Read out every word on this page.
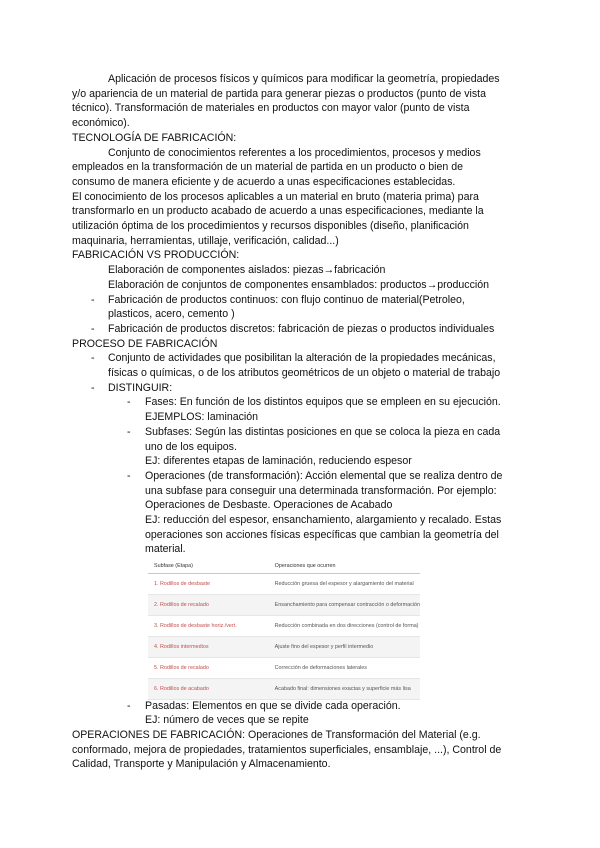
Aplicación de procesos físicos y químicos para modificar la geometría, propiedades

y/o apariencia de un material de partida para generar piezas o productos (punto de vista

técnico). Transformación de materiales en productos con mayor valor (punto de vista

económico).

TECNOLOGÍA DE FABRICACIÓN:

Conjunto de conocimientos referentes a los procedimientos, procesos y medios

empleados en la transformación de un material de partida en un producto o bien de

consumo de manera eficiente y de acuerdo a unas especificaciones establecidas.

El conocimiento de los procesos aplicables a un material en bruto (materia prima) para

transformarlo en un producto acabado de acuerdo a unas especificaciones, mediante la

utilización óptima de los procedimientos y recursos disponibles (diseño, planificación

maquinaria, herramientas, utillaje, verificación, calidad...)

FABRICACIÓN VS PRODUCCIÓN:

Elaboración de componentes aislados: piezas→fabricación

Elaboración de conjuntos de componentes ensamblados: productos→producción

- Fabricación de productos continuos: con flujo continuo de material(Petroleo,

plasticos, acero, cemento )

- Fabricación de productos discretos: fabricación de piezas o productos individuales

PROCESO DE FABRICACIÓN

- Conjunto de actividades que posibilitan la alteración de la propiedades mecánicas,

físicas o químicas, o de los atributos geométricos de un objeto o material de trabajo

- DISTINGUIR:

- Fases: En función de los distintos equipos que se empleen en su ejecución.

EJEMPLOS: laminación

- Subfases: Según las distintas posiciones en que se coloca la pieza en cada

uno de los equipos.

EJ: diferentes etapas de laminación, reduciendo espesor

- Operaciones (de transformación): Acción elemental que se realiza dentro de

una subfase para conseguir una determinada transformación. Por ejemplo:

Operaciones de Desbaste. Operaciones de Acabado

EJ: reducción del espesor, ensanchamiento, alargamiento y recalado. Estas

operaciones son acciones físicas específicas que cambian la geometría del

material.

Subfase (Etapa)	Operaciones que ocurren
1. Rodillos de desbaste	Reducción gruesa del espesor y alargamiento del material
2. Rodillos de recalado	Ensanchamiento para compensar contracción o deformación
3. Rodillos de desbaste horiz./vert.	Reducción combinada en dos direcciones (control de forma)
4. Rodillos intermedios	Ajuste fino del espesor y perfil intermedio
5. Rodillos de recalado	Corrección de deformaciones laterales
6. Rodillos de acabado	Acabado final: dimensiones exactas y superficie más lisa
- Pasadas: Elementos en que se divide cada operación.

EJ: número de veces que se repite

OPERACIONES DE FABRICACIÓN: Operaciones de Transformación del Material (e.g.

conformado, mejora de propiedades, tratamientos superficiales, ensamblaje, ...), Control de

Calidad, Transporte y Manipulación y Almacenamiento.
